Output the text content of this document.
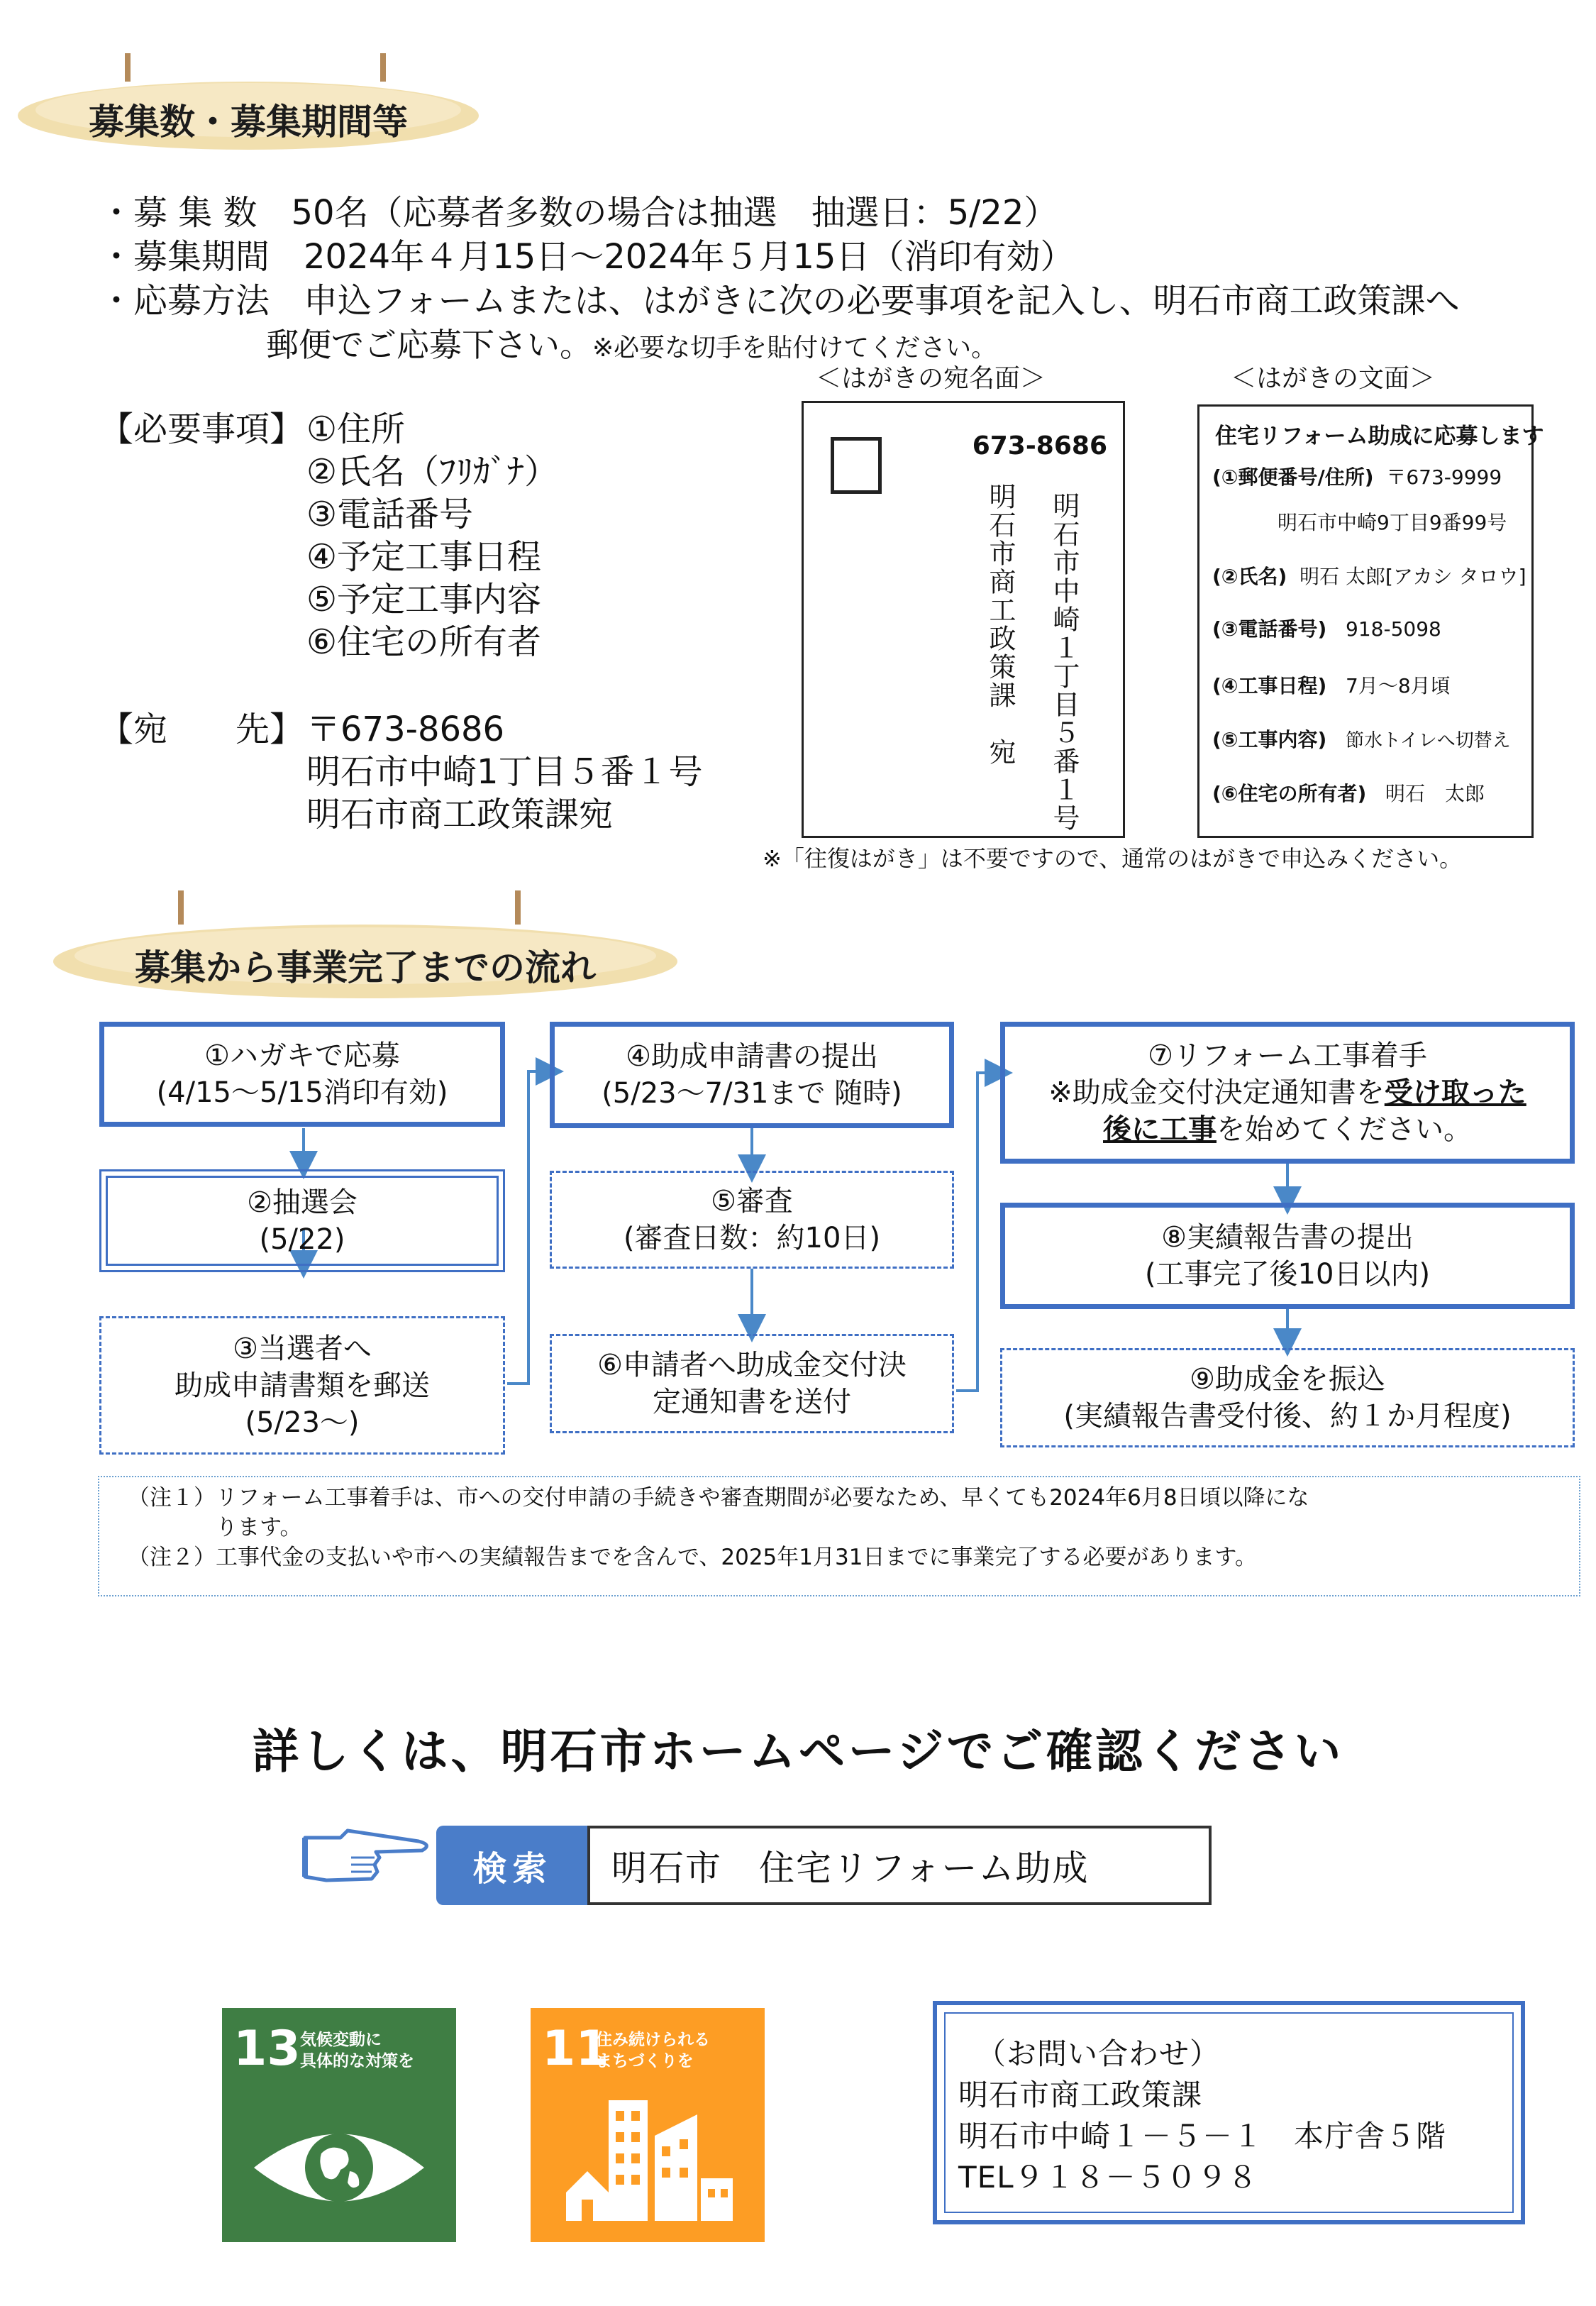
募集数・募集期間等
・募 集 数　50名（応募者多数の場合は抽選　抽選日：5/22）
・募集期間　2024年４月15日～2024年５月15日（消印有効）
・応募方法　申込フォームまたは、はがきに次の必要事項を記入し、明石市商工政策課へ
郵便でご応募下さい。※必要な切手を貼付けてください。
【必要事項】 ①住所
②氏名（ﾌﾘｶﾞﾅ）
③電話番号
④予定工事日程
⑤予定工事内容
⑥住宅の所有者
【宛　　先】 〒673-8686
明石市中崎1丁目５番１号
明石市商工政策課宛
＜はがきの宛名面＞
673-8686
明石市中崎１丁目５番１号
明石市商工政策課　宛
＜はがきの文面＞
住宅リフォーム助成に応募します
(①郵便番号/住所) 〒673-9999
明石市中崎9丁目9番99号
(②氏名) 明石 太郎[アカシ タロウ]
(③電話番号) 918-5098
(④工事日程) 7月～8月頃
(⑤工事内容) 節水トイレへ切替え
(⑥住宅の所有者) 明石　太郎
※「往復はがき」は不要ですので、通常のはがきで申込みください。
募集から事業完了までの流れ
①ハガキで応募
(4/15～5/15消印有効)
②抽選会
(5/22)
③当選者へ
助成申請書類を郵送
(5/23～)
④助成申請書の提出
(5/23～7/31まで 随時)
⑤審査
(審査日数：約10日)
⑥申請者へ助成金交付決
定通知書を送付
⑦リフォーム工事着手
※助成金交付決定通知書を受け取った
後に工事を始めてください。
⑧実績報告書の提出
(工事完了後10日以内)
⑨助成金を振込
(実績報告書受付後、約１か月程度)
（注１）リフォーム工事着手は、市への交付申請の手続きや審査期間が必要なため、早くても2024年6月8日頃以降にな
　　　　ります。
（注２）工事代金の支払いや市への実績報告までを含んで、2025年1月31日までに事業完了する必要があります。
詳しくは、明石市ホームページでご確認ください
検索	明石市　住宅リフォーム助成
13 気候変動に
具体的な対策を	11
住み続けられる
まちづくりを	（お問い合わせ）
明石市商工政策課
明石市中崎１－５－１　本庁舎５階
TEL９１８－５０９８
